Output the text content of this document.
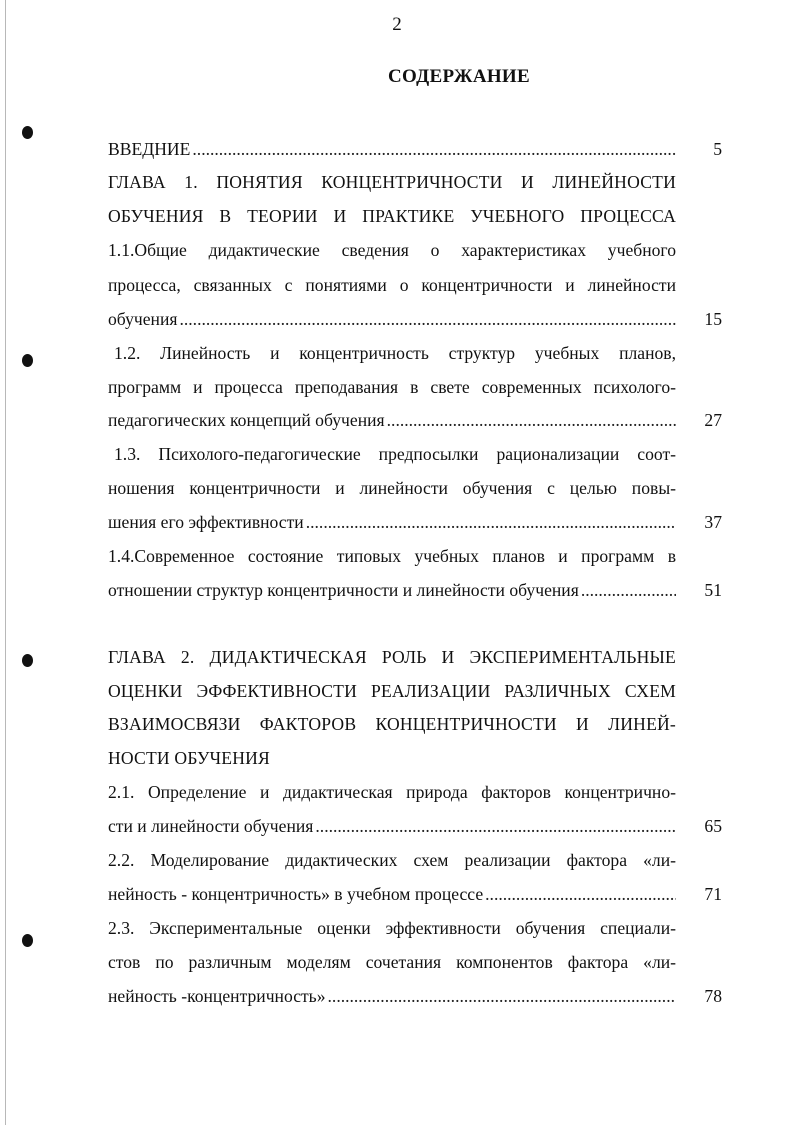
2
СОДЕРЖАНИЕ
ВВЕДНИЕ .....	5
ГЛАВА 1. ПОНЯТИЯ КОНЦЕНТРИЧНОСТИ И ЛИНЕЙНОСТИ
ОБУЧЕНИЯ В ТЕОРИИ И ПРАКТИКЕ УЧЕБНОГО ПРОЦЕССА
1.1.Общие дидактические сведения о характеристиках учебного
процесса, связанных с понятиями о концентричности и линейности
обучения .....	15
1.2. Линейность и концентричность структур учебных планов,
программ и процесса преподавания в свете современных психолого-
педагогических концепций обучения .....	27
1.3. Психолого-педагогические предпосылки рационализации соот-
ношения концентричности и линейности обучения с целью повы-
шения его эффективности .....	37
1.4.Современное состояние типовых учебных планов и программ в
отношении структур концентричности и линейности обучения .....	51
ГЛАВА 2. ДИДАКТИЧЕСКАЯ РОЛЬ И ЭКСПЕРИМЕНТАЛЬНЫЕ
ОЦЕНКИ ЭФФЕКТИВНОСТИ РЕАЛИЗАЦИИ РАЗЛИЧНЫХ СХЕМ
ВЗАИМОСВЯЗИ ФАКТОРОВ КОНЦЕНТРИЧНОСТИ И ЛИНЕЙ-
НОСТИ ОБУЧЕНИЯ
2.1. Определение и дидактическая природа факторов концентрично-
сти и линейности обучения .....	65
2.2. Моделирование дидактических схем реализации фактора «ли-
нейность - концентричность» в учебном процессе .....	71
2.3. Экспериментальные оценки эффективности обучения специали-
стов по различным моделям сочетания компонентов фактора «ли-
нейность -концентричность» .....	78
